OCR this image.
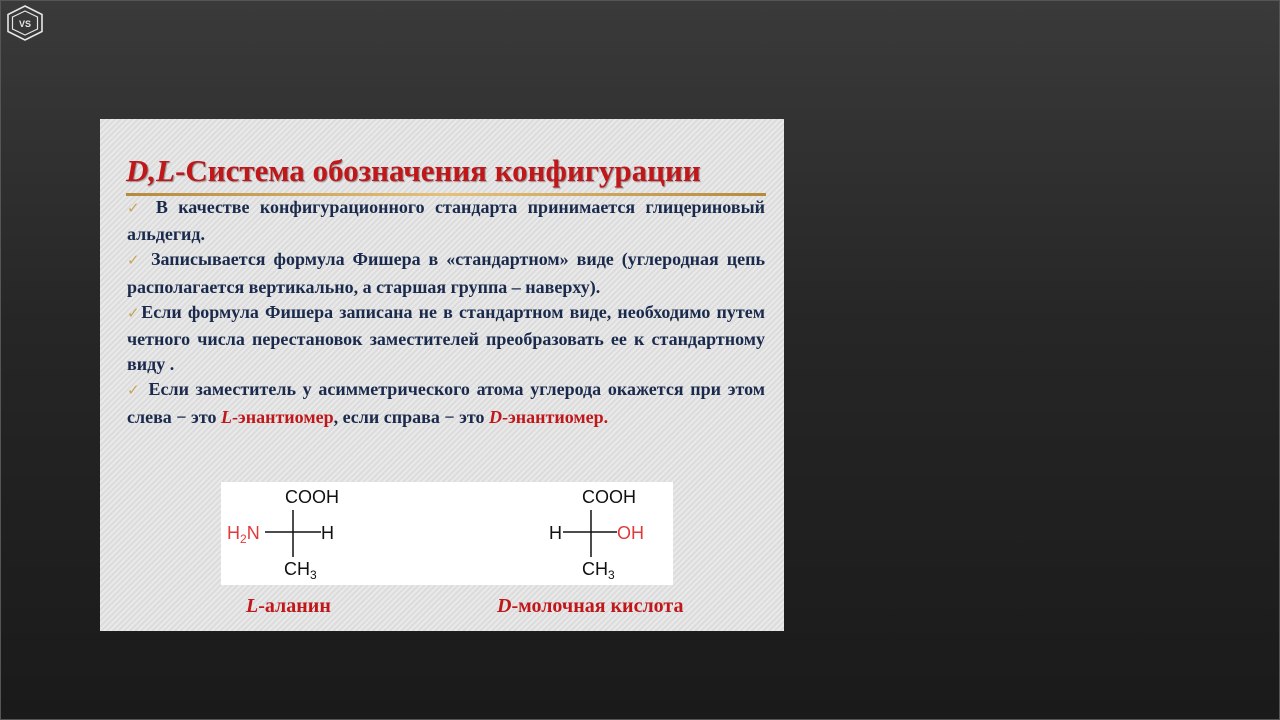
VS
D,L-Система обозначения конфигурации

✓ В качестве конфигурационного стандарта принимается глицериновый альдегид.

✓ Записывается формула Фишера в «стандартном» виде (углеродная цепь располагается вертикально, а старшая группа – наверху).

✓Если формула Фишера записана не в стандартном виде, необходимо путем четного числа перестановок заместителей преобразовать ее к стандартному виду .

✓ Если заместитель у асимметрического атома углерода окажется при этом слева − это L-энантиомер, если справа − это D-энантиомер.

COOH
$H_2N$	H
$CH_3$
COOH
H	OH
$CH_3$
L-аланин	D-молочная кислота
